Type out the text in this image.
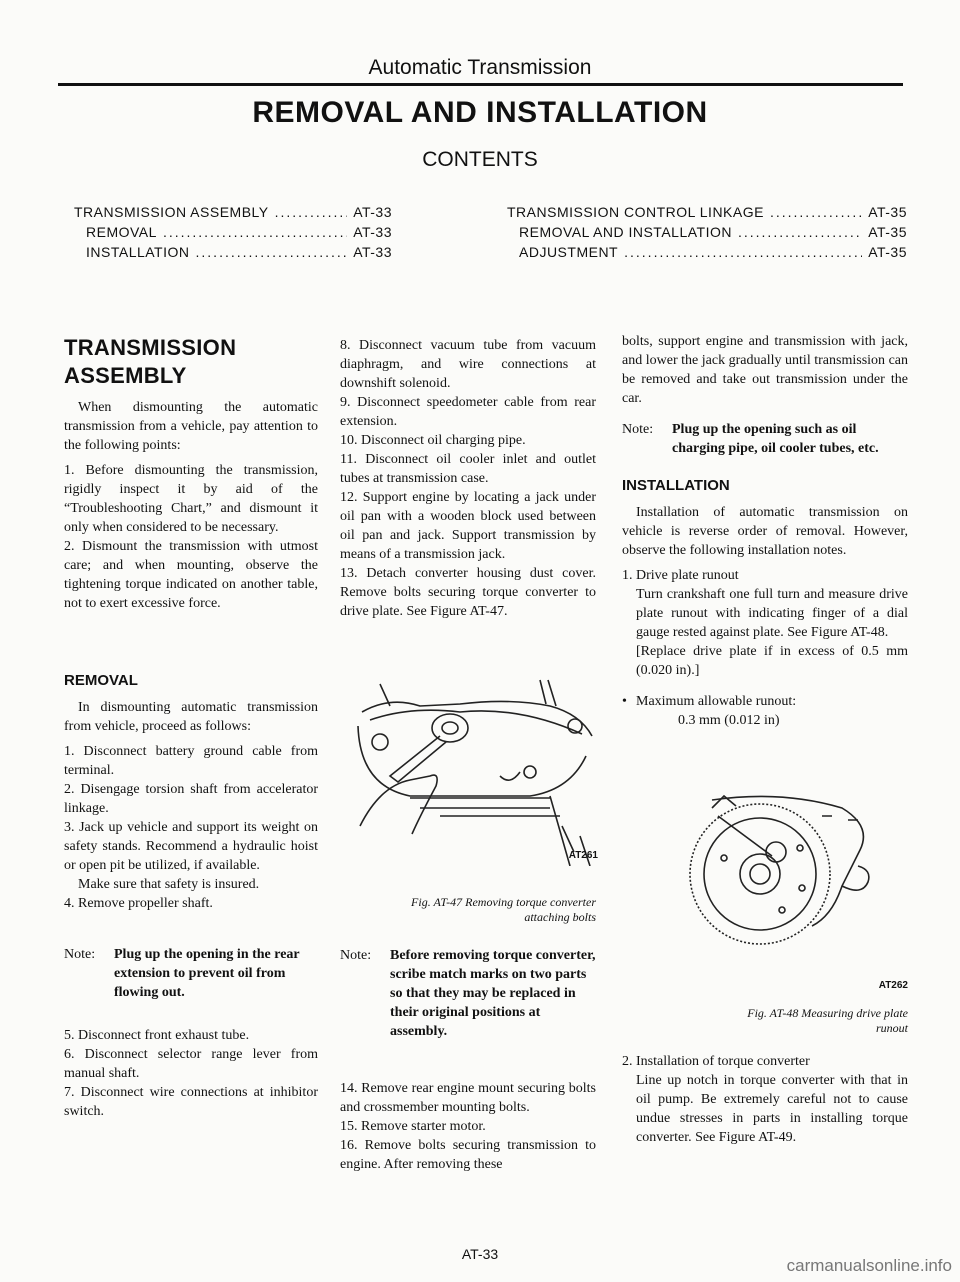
Automatic Transmission
REMOVAL AND INSTALLATION
CONTENTS
TRANSMISSION ASSEMBLY .....	AT-33
REMOVAL .....	AT-33
INSTALLATION .....	AT-33
TRANSMISSION CONTROL LINKAGE .....	AT-35
REMOVAL AND INSTALLATION .....	AT-35
ADJUSTMENT .....	AT-35
TRANSMISSION
ASSEMBLY

When dismounting the automatic transmission from a vehicle, pay attention to the following points:

1. Before dismounting the transmission, rigidly inspect it by aid of the “Troubleshooting Chart,” and dismount it only when considered to be necessary.

2. Dismount the transmission with utmost care; and when mounting, observe the tightening torque indicated on another table, not to exert excessive force.

REMOVAL

In dismounting automatic transmission from vehicle, proceed as follows:

1. Disconnect battery ground cable from terminal.

2. Disengage torsion shaft from accelerator linkage.

3. Jack up vehicle and support its weight on safety stands. Recommend a hydraulic hoist or open pit be utilized, if available.

Make sure that safety is insured.

4. Remove propeller shaft.

Note:	Plug up the opening in the rear extension to prevent oil from flowing out.

5. Disconnect front exhaust tube.

6. Disconnect selector range lever from manual shaft.

7. Disconnect wire connections at inhibitor switch.

8. Disconnect vacuum tube from vacuum diaphragm, and wire connections at downshift solenoid.

9. Disconnect speedometer cable from rear extension.

10. Disconnect oil charging pipe.

11. Disconnect oil cooler inlet and outlet tubes at transmission case.

12. Support engine by locating a jack under oil pan with a wooden block used between oil pan and jack. Support transmission by means of a transmission jack.

13. Detach converter housing dust cover. Remove bolts securing torque converter to drive plate. See Figure AT-47.

AT261
Fig. AT-47 Removing torque converter
attaching bolts
Note:	Before removing torque converter, scribe match marks on two parts so that they may be replaced in their original positions at assembly.

14. Remove rear engine mount securing bolts and crossmember mounting bolts.

15. Remove starter motor.

16. Remove bolts securing transmission to engine. After removing these

bolts, support engine and transmission with jack, and lower the jack gradually until transmission can be removed and take out transmission under the car.

Note:	Plug up the opening such as oil charging pipe, oil cooler tubes, etc.
INSTALLATION

Installation of automatic transmission on vehicle is reverse order of removal. However, observe the following installation notes.

1. Drive plate runout

Turn crankshaft one full turn and measure drive plate runout with indicating finger of a dial gauge rested against plate. See Figure AT-48.

[Replace drive plate if in excess of 0.5 mm (0.020 in).]

• Maximum allowable runout:
0.3 mm (0.012 in)
AT262
Fig. AT-48 Measuring drive plate
runout

2. Installation of torque converter

Line up notch in torque converter with that in oil pump. Be extremely careful not to cause undue stresses in parts in installing torque converter. See Figure AT-49.

AT-33
carmanualsonline.info
